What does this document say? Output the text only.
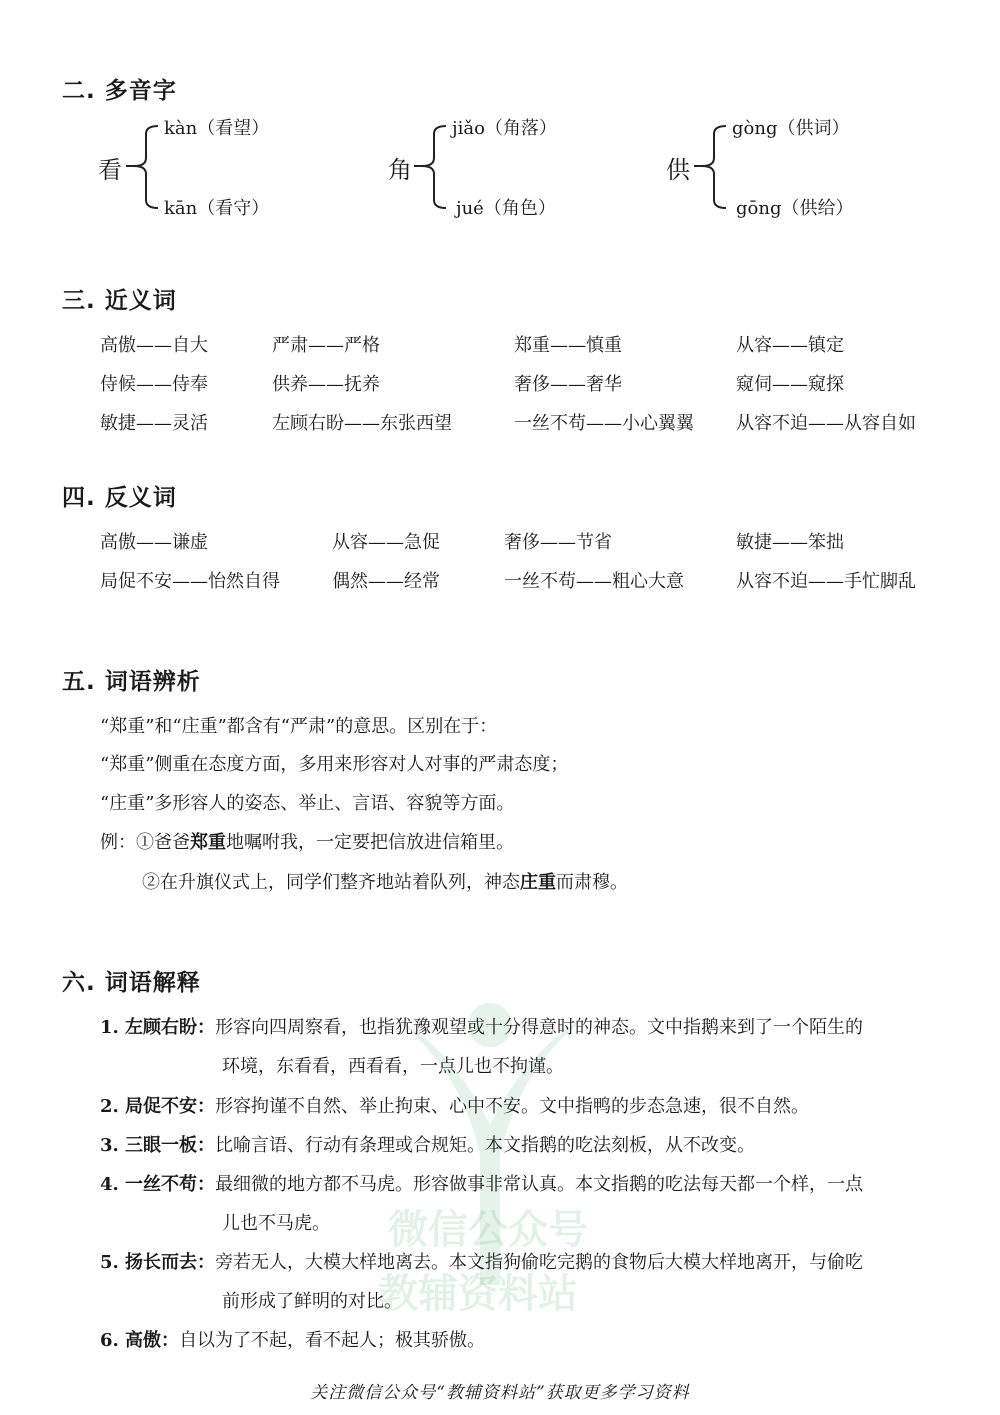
二. 多音字
看
kàn（看望）
kān（看守）
角
jiǎo（角落）
jué（角色）
供
gòng（供词）
gōng（供给）
三. 近义词
高傲——自大	严肃——严格	郑重——慎重	从容——镇定
侍候——侍奉	供养——抚养	奢侈——奢华	窥伺——窥探
敏捷——灵活	左顾右盼——东张西望	一丝不苟——小心翼翼 从容不迫——从容自如
四. 反义词
高傲——谦虚	从容——急促	奢侈——节省	敏捷——笨拙
局促不安——怡然自得	偶然——经常	一丝不苟——粗心大意	从容不迫——手忙脚乱
五. 词语辨析
“郑重”和“庄重”都含有“严肃”的意思。区别在于：
“郑重”侧重在态度方面，多用来形容对人对事的严肃态度；
“庄重”多形容人的姿态、举止、言语、容貌等方面。
例：①爸爸郑重地嘱咐我，一定要把信放进信箱里。
②在升旗仪式上，同学们整齐地站着队列，神态庄重而肃穆。
微信公众号
教辅资料站
六. 词语解释
1. 左顾右盼：形容向四周察看，也指犹豫观望或十分得意时的神态。文中指鹅来到了一个陌生的
环境，东看看，西看看，一点儿也不拘谨。
2. 局促不安：形容拘谨不自然、举止拘束、心中不安。文中指鸭的步态急速，很不自然。
3. 三眼一板：比喻言语、行动有条理或合规矩。本文指鹅的吃法刻板，从不改变。
4. 一丝不苟：最细微的地方都不马虎。形容做事非常认真。本文指鹅的吃法每天都一个样，一点
儿也不马虎。
5. 扬长而去：旁若无人，大模大样地离去。本文指狗偷吃完鹅的食物后大模大样地离开，与偷吃
前形成了鲜明的对比。
6. 高傲：自以为了不起，看不起人；极其骄傲。
关注微信公众号“教辅资料站”获取更多学习资料
